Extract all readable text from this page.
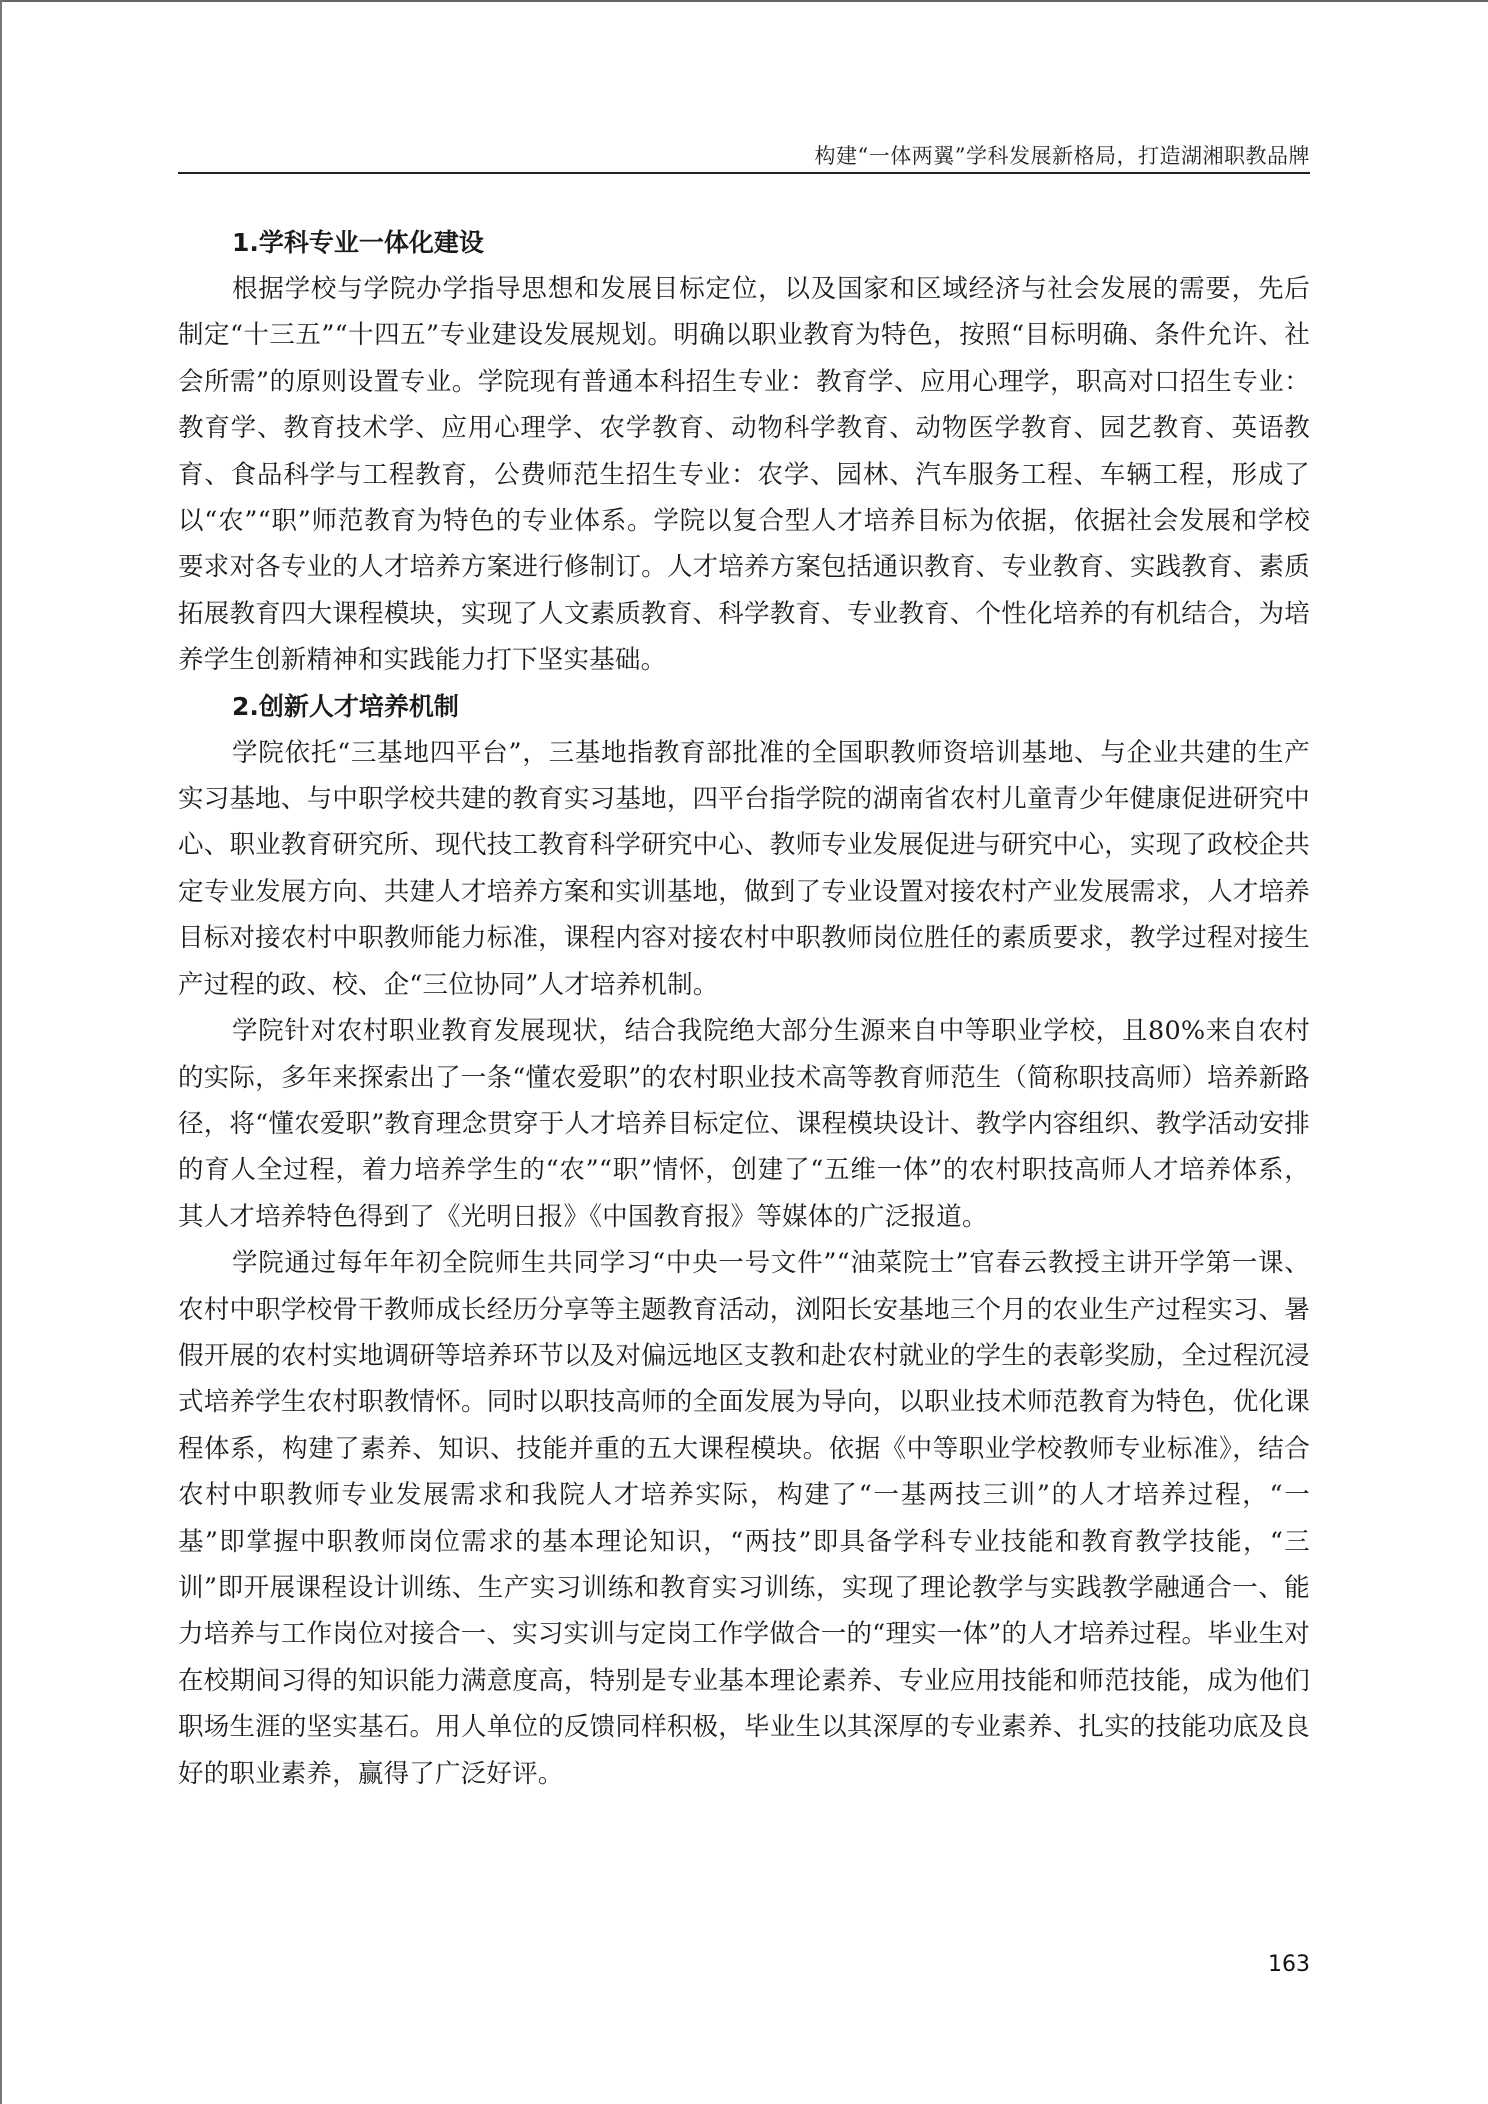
构建“一体两翼”学科发展新格局，打造湖湘职教品牌

1.学科专业一体化建设

根据学校与学院办学指导思想和发展目标定位，以及国家和区域经济与社会发展的需要，先后制定“十三五”“十四五”专业建设发展规划。明确以职业教育为特色，按照“目标明确、条件允许、社会所需”的原则设置专业。学院现有普通本科招生专业：教育学、应用心理学，职高对口招生专业：教育学、教育技术学、应用心理学、农学教育、动物科学教育、动物医学教育、园艺教育、英语教育、食品科学与工程教育，公费师范生招生专业：农学、园林、汽车服务工程、车辆工程，形成了以“农”“职”师范教育为特色的专业体系。学院以复合型人才培养目标为依据，依据社会发展和学校要求对各专业的人才培养方案进行修制订。人才培养方案包括通识教育、专业教育、实践教育、素质拓展教育四大课程模块，实现了人文素质教育、科学教育、专业教育、个性化培养的有机结合，为培养学生创新精神和实践能力打下坚实基础。

2.创新人才培养机制

学院依托“三基地四平台”，三基地指教育部批准的全国职教师资培训基地、与企业共建的生产实习基地、与中职学校共建的教育实习基地，四平台指学院的湖南省农村儿童青少年健康促进研究中心、职业教育研究所、现代技工教育科学研究中心、教师专业发展促进与研究中心，实现了政校企共定专业发展方向、共建人才培养方案和实训基地，做到了专业设置对接农村产业发展需求，人才培养目标对接农村中职教师能力标准，课程内容对接农村中职教师岗位胜任的素质要求，教学过程对接生产过程的政、校、企“三位协同”人才培养机制。

学院针对农村职业教育发展现状，结合我院绝大部分生源来自中等职业学校，且80%来自农村的实际，多年来探索出了一条“懂农爱职”的农村职业技术高等教育师范生（简称职技高师）培养新路径，将“懂农爱职”教育理念贯穿于人才培养目标定位、课程模块设计、教学内容组织、教学活动安排的育人全过程，着力培养学生的“农”“职”情怀，创建了“五维一体”的农村职技高师人才培养体系，其人才培养特色得到了《光明日报》《中国教育报》等媒体的广泛报道。

学院通过每年年初全院师生共同学习“中央一号文件”“油菜院士”官春云教授主讲开学第一课、农村中职学校骨干教师成长经历分享等主题教育活动，浏阳长安基地三个月的农业生产过程实习、暑假开展的农村实地调研等培养环节以及对偏远地区支教和赴农村就业的学生的表彰奖励，全过程沉浸式培养学生农村职教情怀。同时以职技高师的全面发展为导向，以职业技术师范教育为特色，优化课程体系，构建了素养、知识、技能并重的五大课程模块。依据《中等职业学校教师专业标准》，结合农村中职教师专业发展需求和我院人才培养实际，构建了“一基两技三训”的人才培养过程，“一基”即掌握中职教师岗位需求的基本理论知识，“两技”即具备学科专业技能和教育教学技能，“三训”即开展课程设计训练、生产实习训练和教育实习训练，实现了理论教学与实践教学融通合一、能力培养与工作岗位对接合一、实习实训与定岗工作学做合一的“理实一体”的人才培养过程。毕业生对在校期间习得的知识能力满意度高，特别是专业基本理论素养、专业应用技能和师范技能，成为他们职场生涯的坚实基石。用人单位的反馈同样积极，毕业生以其深厚的专业素养、扎实的技能功底及良好的职业素养，赢得了广泛好评。

163
